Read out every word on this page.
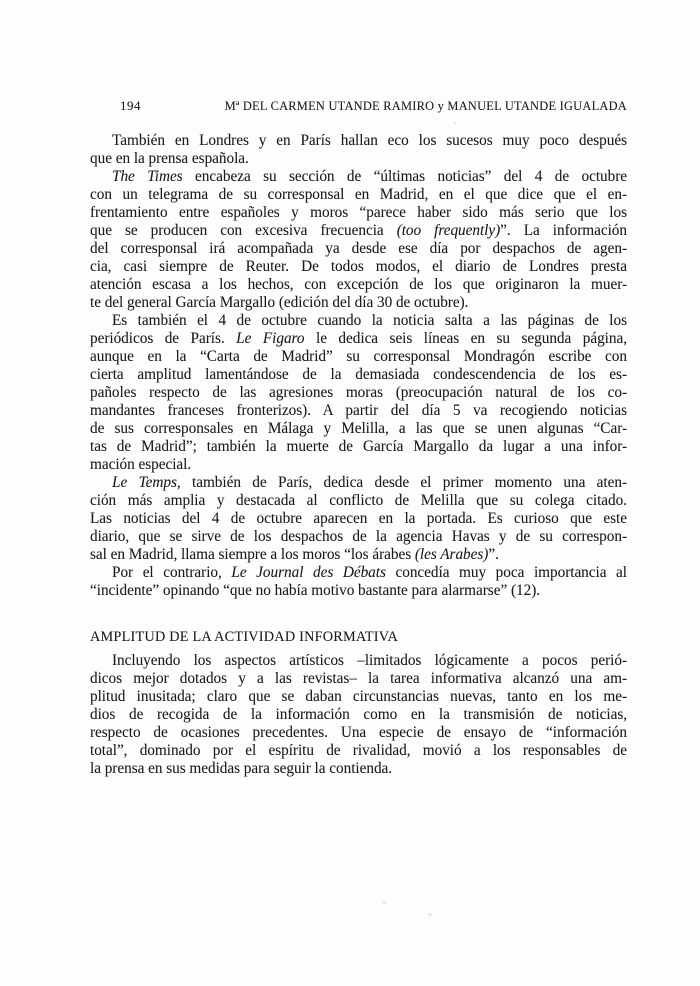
194	Mª DEL CARMEN UTANDE RAMIRO y MANUEL UTANDE IGUALADA
También en Londres y en París hallan eco los sucesos muy poco después
que en la prensa española.
The Times encabeza su sección de “últimas noticias” del 4 de octubre
con un telegrama de su corresponsal en Madrid, en el que dice que el en-
frentamiento entre españoles y moros “parece haber sido más serio que los
que se producen con excesiva frecuencia (too frequently)”. La información
del corresponsal irá acompañada ya desde ese día por despachos de agen-
cia, casi siempre de Reuter. De todos modos, el diario de Londres presta
atención escasa a los hechos, con excepción de los que originaron la muer-
te del general García Margallo (edición del día 30 de octubre).
Es también el 4 de octubre cuando la noticia salta a las páginas de los
periódicos de París. Le Figaro le dedica seis líneas en su segunda página,
aunque en la “Carta de Madrid” su corresponsal Mondragón escribe con
cierta amplitud lamentándose de la demasiada condescendencia de los es-
pañoles respecto de las agresiones moras (preocupación natural de los co-
mandantes franceses fronterizos). A partir del día 5 va recogiendo noticias
de sus corresponsales en Málaga y Melilla, a las que se unen algunas “Car-
tas de Madrid”; también la muerte de García Margallo da lugar a una infor-
mación especial.
Le Temps, también de París, dedica desde el primer momento una aten-
ción más amplia y destacada al conflicto de Melilla que su colega citado.
Las noticias del 4 de octubre aparecen en la portada. Es curioso que este
diario, que se sirve de los despachos de la agencia Havas y de su correspon-
sal en Madrid, llama siempre a los moros “los árabes (les Arabes)”.
Por el contrario, Le Journal des Débats concedía muy poca importancia al
“incidente” opinando “que no había motivo bastante para alarmarse” (12).
AMPLITUD DE LA ACTIVIDAD INFORMATIVA
Incluyendo los aspectos artísticos –limitados lógicamente a pocos perió-
dicos mejor dotados y a las revistas– la tarea informativa alcanzó una am-
plitud inusitada; claro que se daban circunstancias nuevas, tanto en los me-
dios de recogida de la información como en la transmisión de noticias,
respecto de ocasiones precedentes. Una especie de ensayo de “información
total”, dominado por el espíritu de rivalidad, movió a los responsables de
la prensa en sus medidas para seguir la contienda.
